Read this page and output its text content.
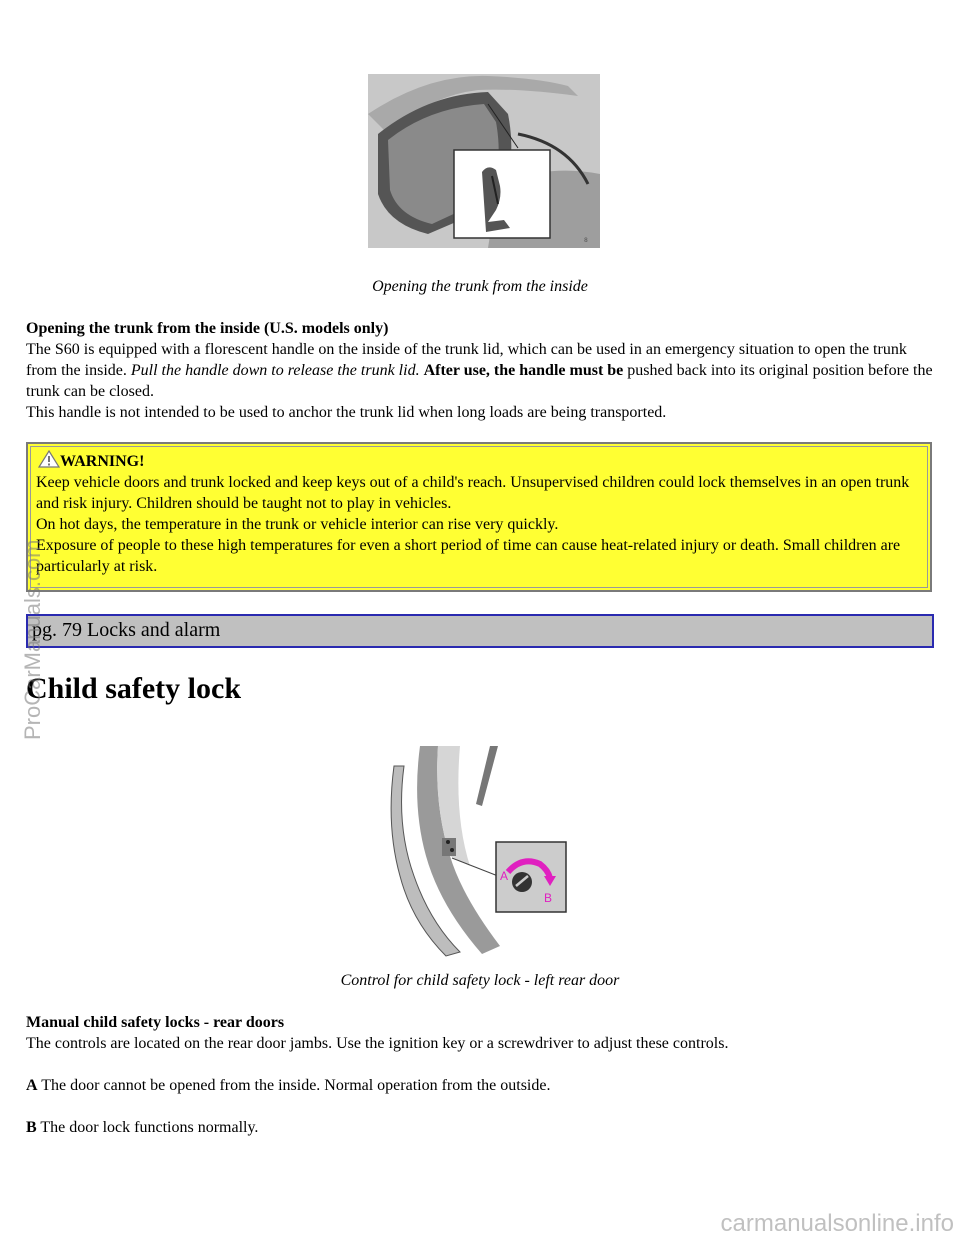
8
Opening the trunk from the inside
Opening the trunk from the inside (U.S. models only)
The S60 is equipped with a florescent handle on the inside of the trunk lid, which can be used in an emergency situation to open the trunk from the inside. Pull the handle down to release the trunk lid. After use, the handle must be pushed back into its original position before the trunk can be closed.
This handle is not intended to be used to anchor the trunk lid when long loads are being transported.
WARNING!
Keep vehicle doors and trunk locked and keep keys out of a child's reach. Unsupervised children could lock themselves in an open trunk and risk injury. Children should be taught not to play in vehicles.
On hot days, the temperature in the trunk or vehicle interior can rise very quickly.
Exposure of people to these high temperatures for even a short period of time can cause heat-related injury or death. Small children are particularly at risk.
pg. 79 Locks and alarm
Child safety lock
A
B
Control for child safety lock - left rear door
Manual child safety locks - rear doors
The controls are located on the rear door jambs. Use the ignition key or a screwdriver to adjust these controls.
A The door cannot be opened from the inside. Normal operation from the outside.
B The door lock functions normally.
ProCarManuals.com
carmanualsonline.info
